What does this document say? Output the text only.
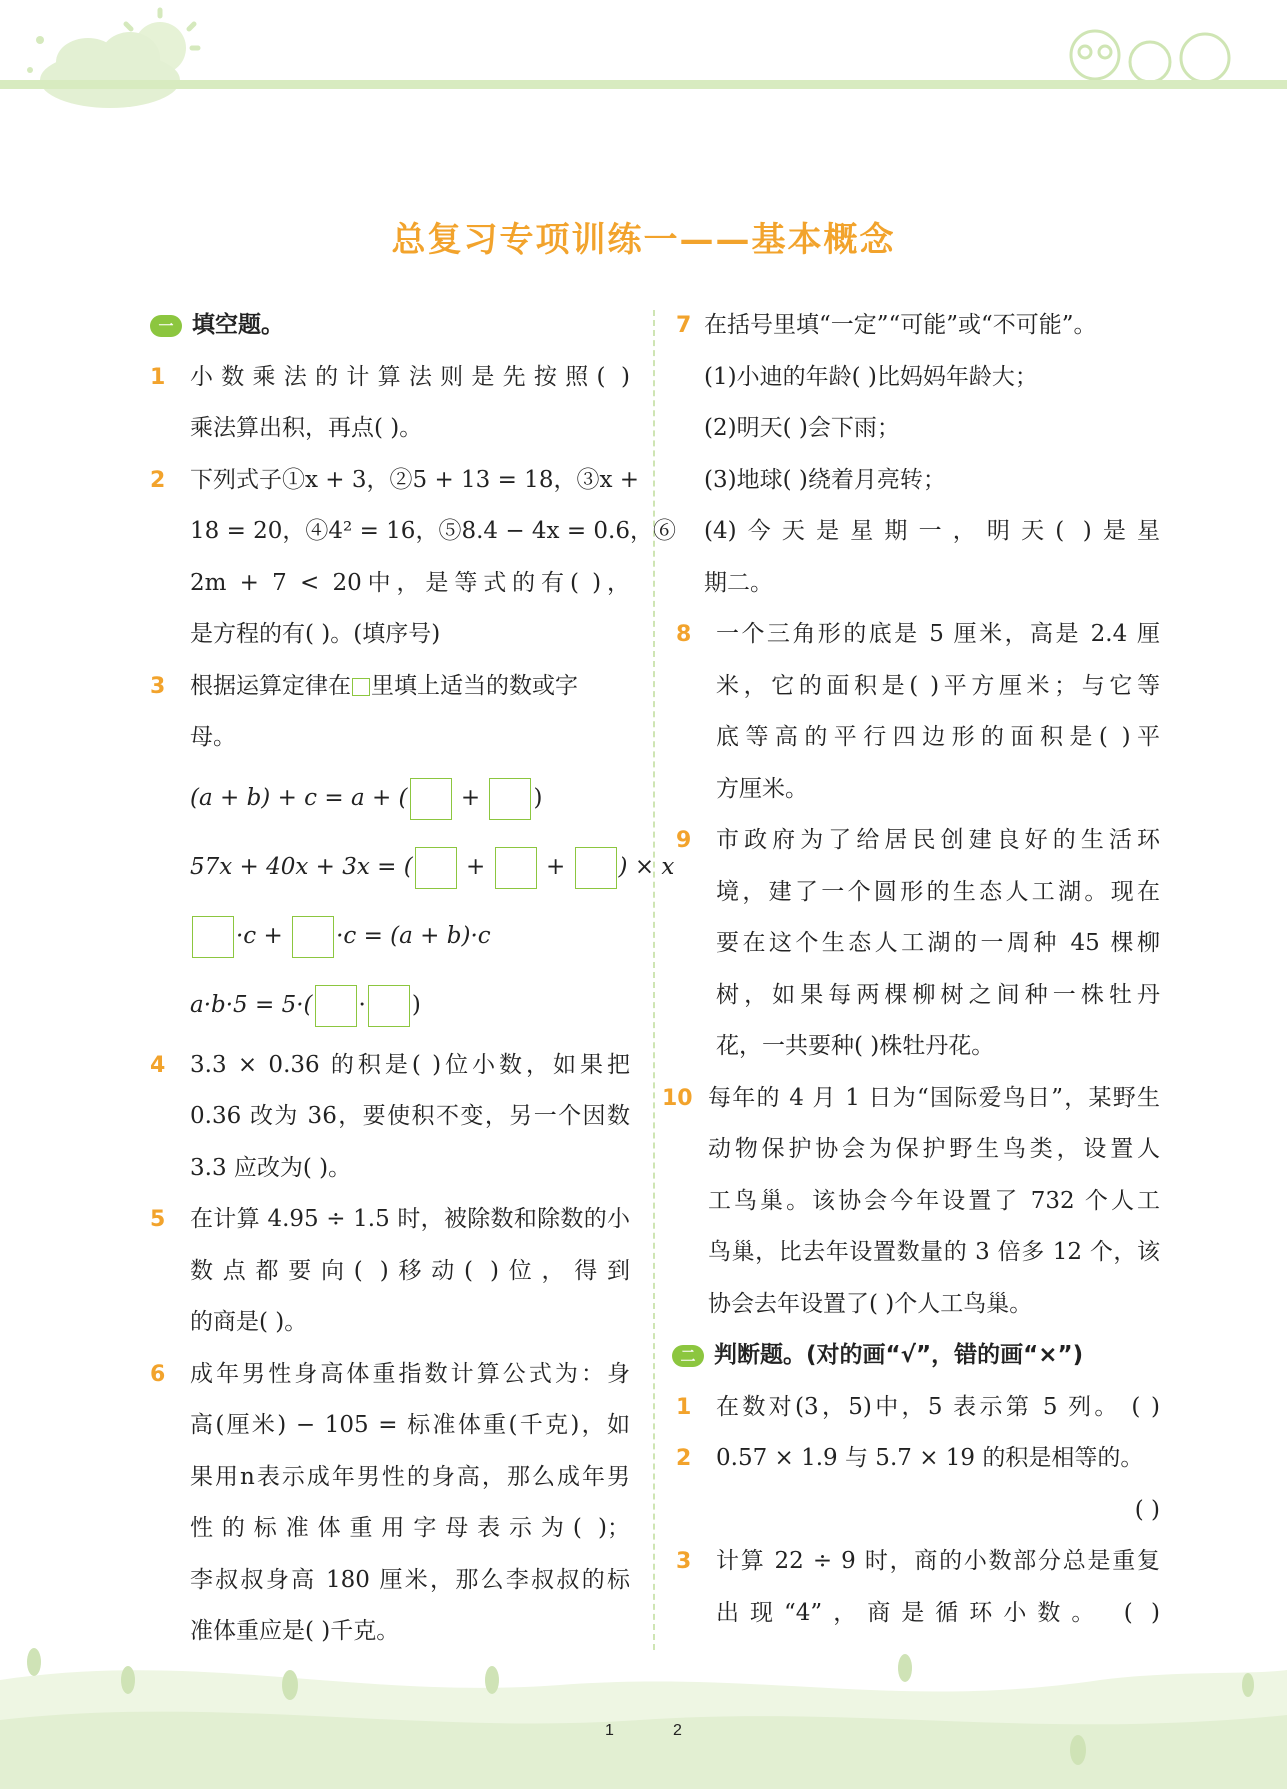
总复习专项训练一——基本概念
一 填空题。
1 小数乘法的计算法则是先按照( )
乘法算出积，再点( )。
2 下列式子①x + 3，②5 + 13 = 18，③x +
18 = 20，④4² = 16，⑤8.4 − 4x = 0.6，⑥
2m + 7 < 20中，是等式的有( )，
是方程的有( )。(填序号)
3 根据运算定律在 里填上适当的数或字
母。
(a + b) + c = a + ( + )
57x + 40x + 3x = ( +	+ ) × x
·c + ·c = (a + b)·c
a·b·5 = 5·( · )
4 3.3 × 0.36 的积是( )位小数，如果把
0.36 改为 36，要使积不变，另一个因数
3.3 应改为( )。
5 在计算 4.95 ÷ 1.5 时，被除数和除数的小
数点都要向( )移动( )位，得到
的商是( )。
6 成年男性身高体重指数计算公式为：身
高(厘米) − 105 = 标准体重(千克)，如
果用n表示成年男性的身高，那么成年男
性的标准体重用字母表示为( )；
李叔叔身高 180 厘米，那么李叔叔的标
准体重应是( )千克。
7 在括号里填“一定”“可能”或“不可能”。
(1)小迪的年龄( )比妈妈年龄大；
(2)明天( )会下雨；
(3)地球( )绕着月亮转；
(4)今天是星期一，明天( )是星
期二。
8 一个三角形的底是 5 厘米，高是 2.4 厘
米，它的面积是( )平方厘米；与它等
底等高的平行四边形的面积是( )平
方厘米。
9 市政府为了给居民创建良好的生活环
境，建了一个圆形的生态人工湖。现在
要在这个生态人工湖的一周种 45 棵柳
树，如果每两棵柳树之间种一株牡丹
花，一共要种( )株牡丹花。
10 每年的 4 月 1 日为“国际爱鸟日”，某野生
动物保护协会为保护野生鸟类，设置人
工鸟巢。该协会今年设置了 732 个人工
鸟巢，比去年设置数量的 3 倍多 12 个，该
协会去年设置了( )个人工鸟巢。
二 判断题。(对的画“√”，错的画“×”)
1 在数对(3，5)中，5 表示第 5 列。 ( )
2 0.57 × 1.9 与 5.7 × 19 的积是相等的。
( )
3 计算 22 ÷ 9 时，商的小数部分总是重复
出现“4”，商是循环小数。 ( )
1	2
